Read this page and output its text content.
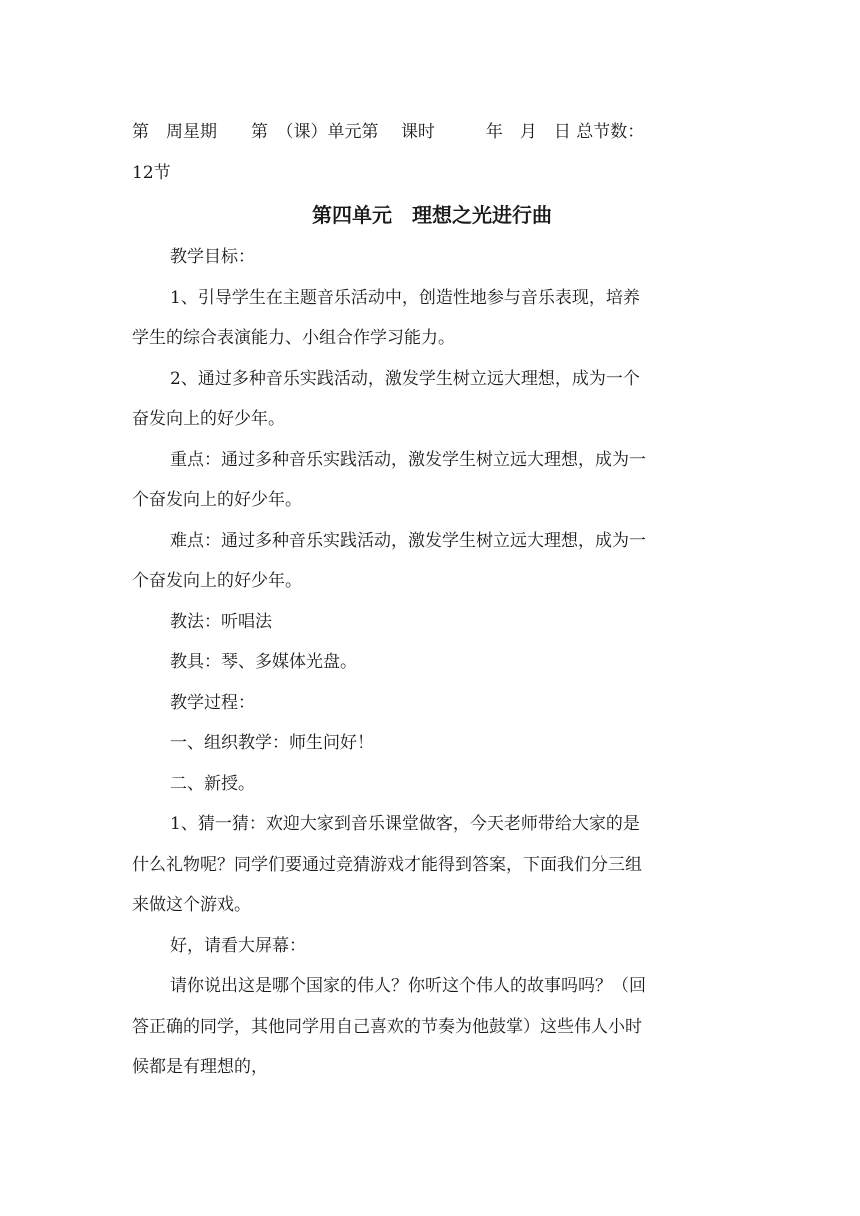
第　周星期　　第　（课）单元第　 课时　　　年　月　日 总节数：
12节
第四单元　理想之光进行曲
教学目标：
1、引导学生在主题音乐活动中，创造性地参与音乐表现，培养
学生的综合表演能力、小组合作学习能力。
2、通过多种音乐实践活动，激发学生树立远大理想，成为一个
奋发向上的好少年。
重点：通过多种音乐实践活动，激发学生树立远大理想，成为一
个奋发向上的好少年。
难点：通过多种音乐实践活动，激发学生树立远大理想，成为一
个奋发向上的好少年。
教法：听唱法
教具：琴、多媒体光盘。
教学过程：
一、组织教学：师生问好！
二、新授。
1、猜一猜：欢迎大家到音乐课堂做客，今天老师带给大家的是
什么礼物呢？同学们要通过竞猜游戏才能得到答案，下面我们分三组
来做这个游戏。
好，请看大屏幕：
请你说出这是哪个国家的伟人？你听这个伟人的故事吗吗？（回
答正确的同学，其他同学用自己喜欢的节奏为他鼓掌）这些伟人小时
候都是有理想的，
